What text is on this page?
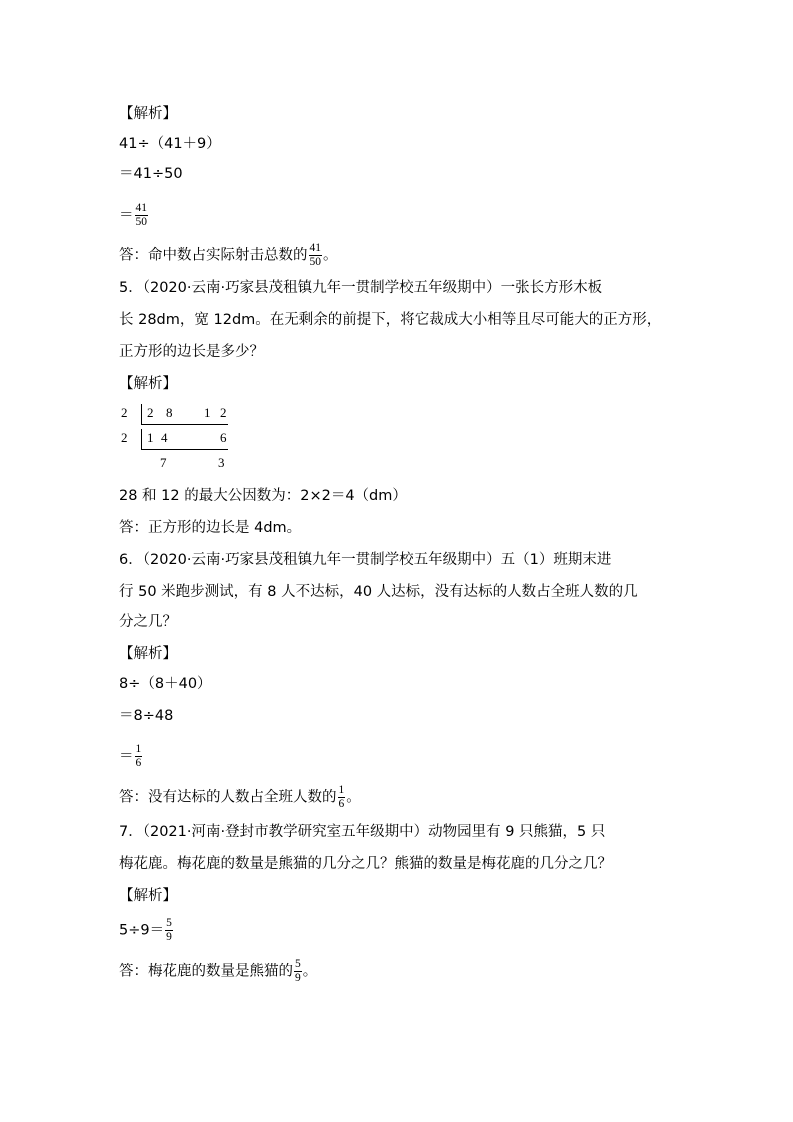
【解析】
41÷（41＋9）
＝41÷50
＝ $\frac{41}{50}$
答：命中数占实际射击总数的 $\frac{41}{50}$ 。
5．（2020·云南·巧家县茂租镇九年一贯制学校五年级期中）一张长方形木板
长 28dm，宽 12dm。在无剩余的前提下，将它裁成大小相等且尽可能大的正方形，
正方形的边长是多少？
【解析】
2
2
2 8 1 2
1 4	6
7	3
28 和 12 的最大公因数为：2×2＝4（dm）
答：正方形的边长是 4dm。
6．（2020·云南·巧家县茂租镇九年一贯制学校五年级期中）五（1）班期末进
行 50 米跑步测试，有 8 人不达标，40 人达标，没有达标的人数占全班人数的几
分之几？
【解析】
8÷（8＋40）
＝8÷48
＝ $\frac{1}{6}$
答：没有达标的人数占全班人数的 $\frac{1}{6}$ 。
7．（2021·河南·登封市教学研究室五年级期中）动物园里有 9 只熊猫，5 只
梅花鹿。梅花鹿的数量是熊猫的几分之几？熊猫的数量是梅花鹿的几分之几？
【解析】
$5\div 9= \frac{5}{9}$
答：梅花鹿的数量是熊猫的 $\frac{5}{9}$ 。
